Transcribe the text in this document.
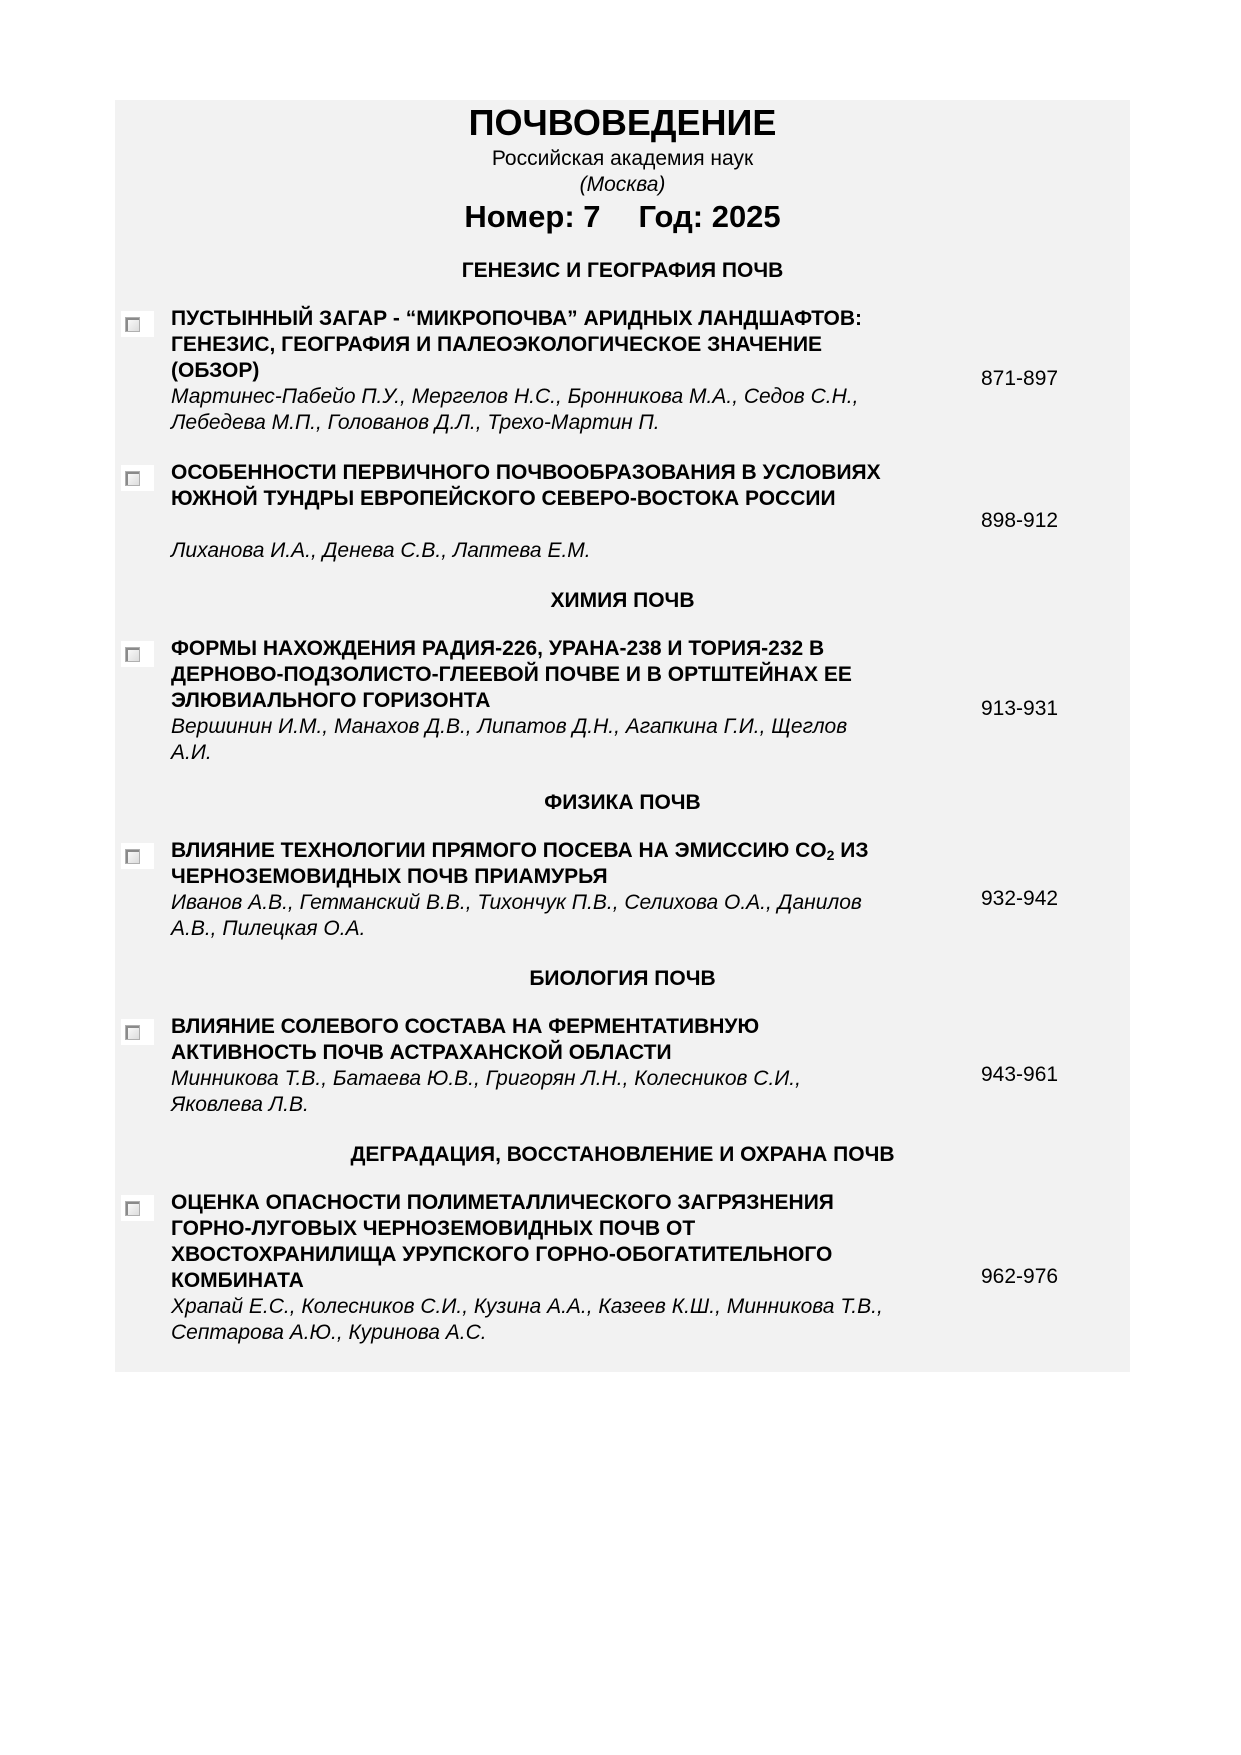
ПОЧВОВЕДЕНИЕ
Российская академия наук
(Москва)
Номер: 7 Год: 2025
ГЕНЕЗИС И ГЕОГРАФИЯ ПОЧВ
ПУСТЫННЫЙ ЗАГАР - “МИКРОПОЧВА” АРИДНЫХ ЛАНДШАФТОВ: ГЕНЕЗИС, ГЕОГРАФИЯ И ПАЛЕОЭКОЛОГИЧЕСКОЕ ЗНАЧЕНИЕ (ОБЗОР)
Мартинес-Пабейо П.У., Мергелов Н.С., Бронникова М.А., Седов С.Н., Лебедева М.П., Голованов Д.Л., Трехо-Мартин П.
871-897
ОСОБЕННОСТИ ПЕРВИЧНОГО ПОЧВООБРАЗОВАНИЯ В УСЛОВИЯХ ЮЖНОЙ ТУНДРЫ ЕВРОПЕЙСКОГО СЕВЕРО-ВОСТОКА РОССИИ
Лиханова И.А., Денева С.В., Лаптева Е.М.
898-912
ХИМИЯ ПОЧВ
ФОРМЫ НАХОЖДЕНИЯ РАДИЯ-226, УРАНА-238 И ТОРИЯ-232 В ДЕРНОВО-ПОДЗОЛИСТО-ГЛЕЕВОЙ ПОЧВЕ И В ОРТШТЕЙНАХ ЕЕ ЭЛЮВИАЛЬНОГО ГОРИЗОНТА
Вершинин И.М., Манахов Д.В., Липатов Д.Н., Агапкина Г.И., Щеглов А.И.
913-931
ФИЗИКА ПОЧВ
ВЛИЯНИЕ ТЕХНОЛОГИИ ПРЯМОГО ПОСЕВА НА ЭМИССИЮ $CO_2$ ИЗ ЧЕРНОЗЕМОВИДНЫХ ПОЧВ ПРИАМУРЬЯ
Иванов А.В., Гетманский В.В., Тихончук П.В., Селихова О.А., Данилов А.В., Пилецкая О.А.
932-942
БИОЛОГИЯ ПОЧВ
ВЛИЯНИЕ СОЛЕВОГО СОСТАВА НА ФЕРМЕНТАТИВНУЮ АКТИВНОСТЬ ПОЧВ АСТРАХАНСКОЙ ОБЛАСТИ
Минникова Т.В., Батаева Ю.В., Григорян Л.Н., Колесников С.И., Яковлева Л.В.
943-961
ДЕГРАДАЦИЯ, ВОССТАНОВЛЕНИЕ И ОХРАНА ПОЧВ
ОЦЕНКА ОПАСНОСТИ ПОЛИМЕТАЛЛИЧЕСКОГО ЗАГРЯЗНЕНИЯ ГОРНО-ЛУГОВЫХ ЧЕРНОЗЕМОВИДНЫХ ПОЧВ ОТ ХВОСТОХРАНИЛИЩА УРУПСКОГО ГОРНО-ОБОГАТИТЕЛЬНОГО КОМБИНАТА
Храпай Е.С., Колесников С.И., Кузина А.А., Казеев К.Ш., Минникова Т.В., Септарова А.Ю., Куринова А.С.
962-976
